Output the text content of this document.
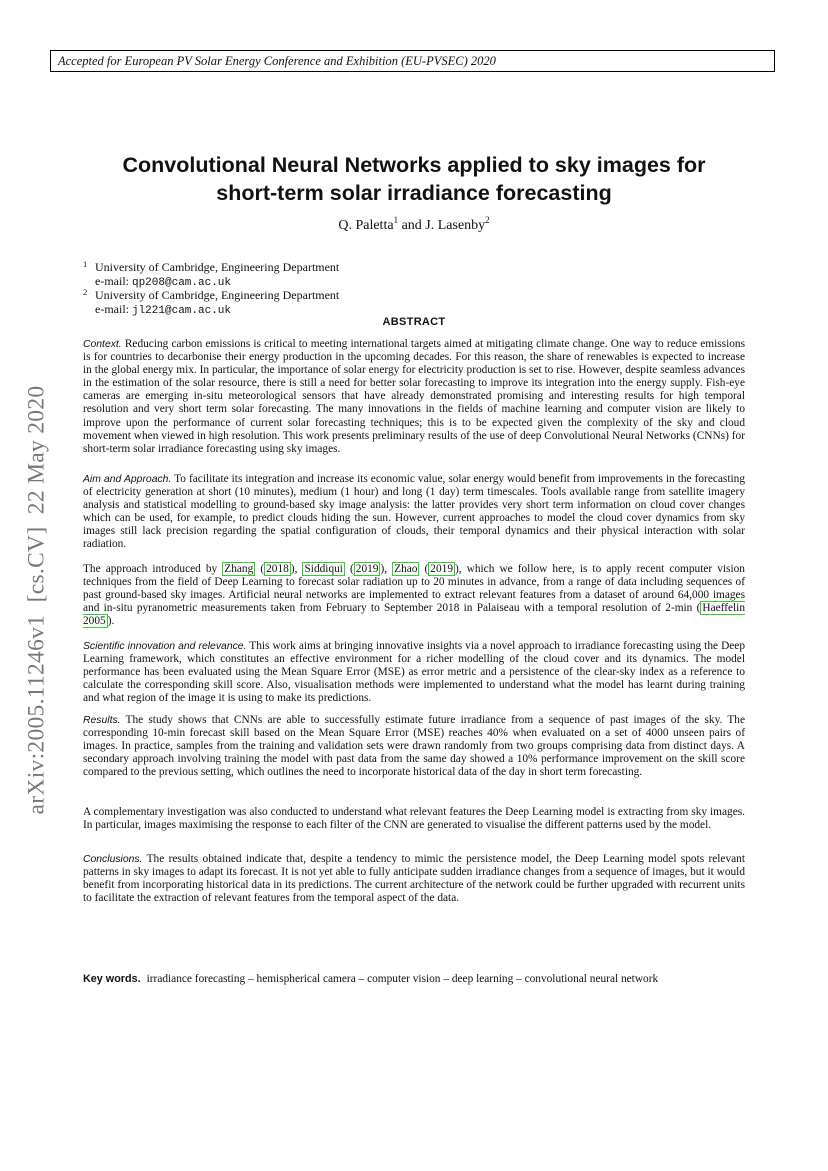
Accepted for European PV Solar Energy Conference and Exhibition (EU-PVSEC) 2020
arXiv:2005.11246v1  [cs.CV]  22 May 2020
Convolutional Neural Networks applied to sky images for
short-term solar irradiance forecasting
Q. Paletta$^1$ and J. Lasenby$^2$
1 University of Cambridge, Engineering Department
e-mail: qp208@cam.ac.uk
2 University of Cambridge, Engineering Department
e-mail: jl221@cam.ac.uk
ABSTRACT
Context. Reducing carbon emissions is critical to meeting international targets aimed at mitigating climate change. One way to reduce emissions is for countries to decarbonise their energy production in the upcoming decades. For this reason, the share of renewables is expected to increase in the global energy mix. In particular, the importance of solar energy for electricity production is set to rise. However, despite seamless advances in the estimation of the solar resource, there is still a need for better solar forecasting to improve its integration into the energy supply. Fish-eye cameras are emerging in-situ meteorological sensors that have already demonstrated promising and interesting results for high temporal resolution and very short term solar forecasting. The many innovations in the fields of machine learning and computer vision are likely to improve upon the performance of current solar forecasting techniques; this is to be expected given the complexity of the sky and cloud movement when viewed in high resolution. This work presents preliminary results of the use of deep Convolutional Neural Networks (CNNs) for short-term solar irradiance forecasting using sky images.
Aim and Approach. To facilitate its integration and increase its economic value, solar energy would benefit from improvements in the forecasting of electricity generation at short (10 minutes), medium (1 hour) and long (1 day) term timescales. Tools available range from satellite imagery analysis and statistical modelling to ground-based sky image analysis: the latter provides very short term information on cloud cover changes which can be used, for example, to predict clouds hiding the sun. However, current approaches to model the cloud cover dynamics from sky images still lack precision regarding the spatial configuration of clouds, their temporal dynamics and their physical interaction with solar radiation.
The approach introduced by Zhang ( 2018 ), Siddiqui ( 2019 ), Zhao ( 2019 ), which we follow here, is to apply recent computer vision techniques from the field of Deep Learning to forecast solar radiation up to 20 minutes in advance, from a range of data including sequences of past ground-based sky images. Artificial neural networks are implemented to extract relevant features from a dataset of around 64,000 images and in-situ pyranometric measurements taken from February to September 2018 in Palaiseau with a temporal resolution of 2-min ( Haeffelin 2005 ).
Scientific innovation and relevance. This work aims at bringing innovative insights via a novel approach to irradiance forecasting using the Deep Learning framework, which constitutes an effective environment for a richer modelling of the cloud cover and its dynamics. The model performance has been evaluated using the Mean Square Error (MSE) as error metric and a persistence of the clear-sky index as a reference to calculate the corresponding skill score. Also, visualisation methods were implemented to understand what the model has learnt during training and what region of the image it is using to make its predictions.
Results. The study shows that CNNs are able to successfully estimate future irradiance from a sequence of past images of the sky. The corresponding 10-min forecast skill based on the Mean Square Error (MSE) reaches 40% when evaluated on a set of 4000 unseen pairs of images. In practice, samples from the training and validation sets were drawn randomly from two groups comprising data from distinct days. A secondary approach involving training the model with past data from the same day showed a 10% performance improvement on the skill score compared to the previous setting, which outlines the need to incorporate historical data of the day in short term forecasting.
A complementary investigation was also conducted to understand what relevant features the Deep Learning model is extracting from sky images. In particular, images maximising the response to each filter of the CNN are generated to visualise the different patterns used by the model.
Conclusions. The results obtained indicate that, despite a tendency to mimic the persistence model, the Deep Learning model spots relevant patterns in sky images to adapt its forecast. It is not yet able to fully anticipate sudden irradiance changes from a sequence of images, but it would benefit from incorporating historical data in its predictions. The current architecture of the network could be further upgraded with recurrent units to facilitate the extraction of relevant features from the temporal aspect of the data.
Key words. irradiance forecasting – hemispherical camera – computer vision – deep learning – convolutional neural network
